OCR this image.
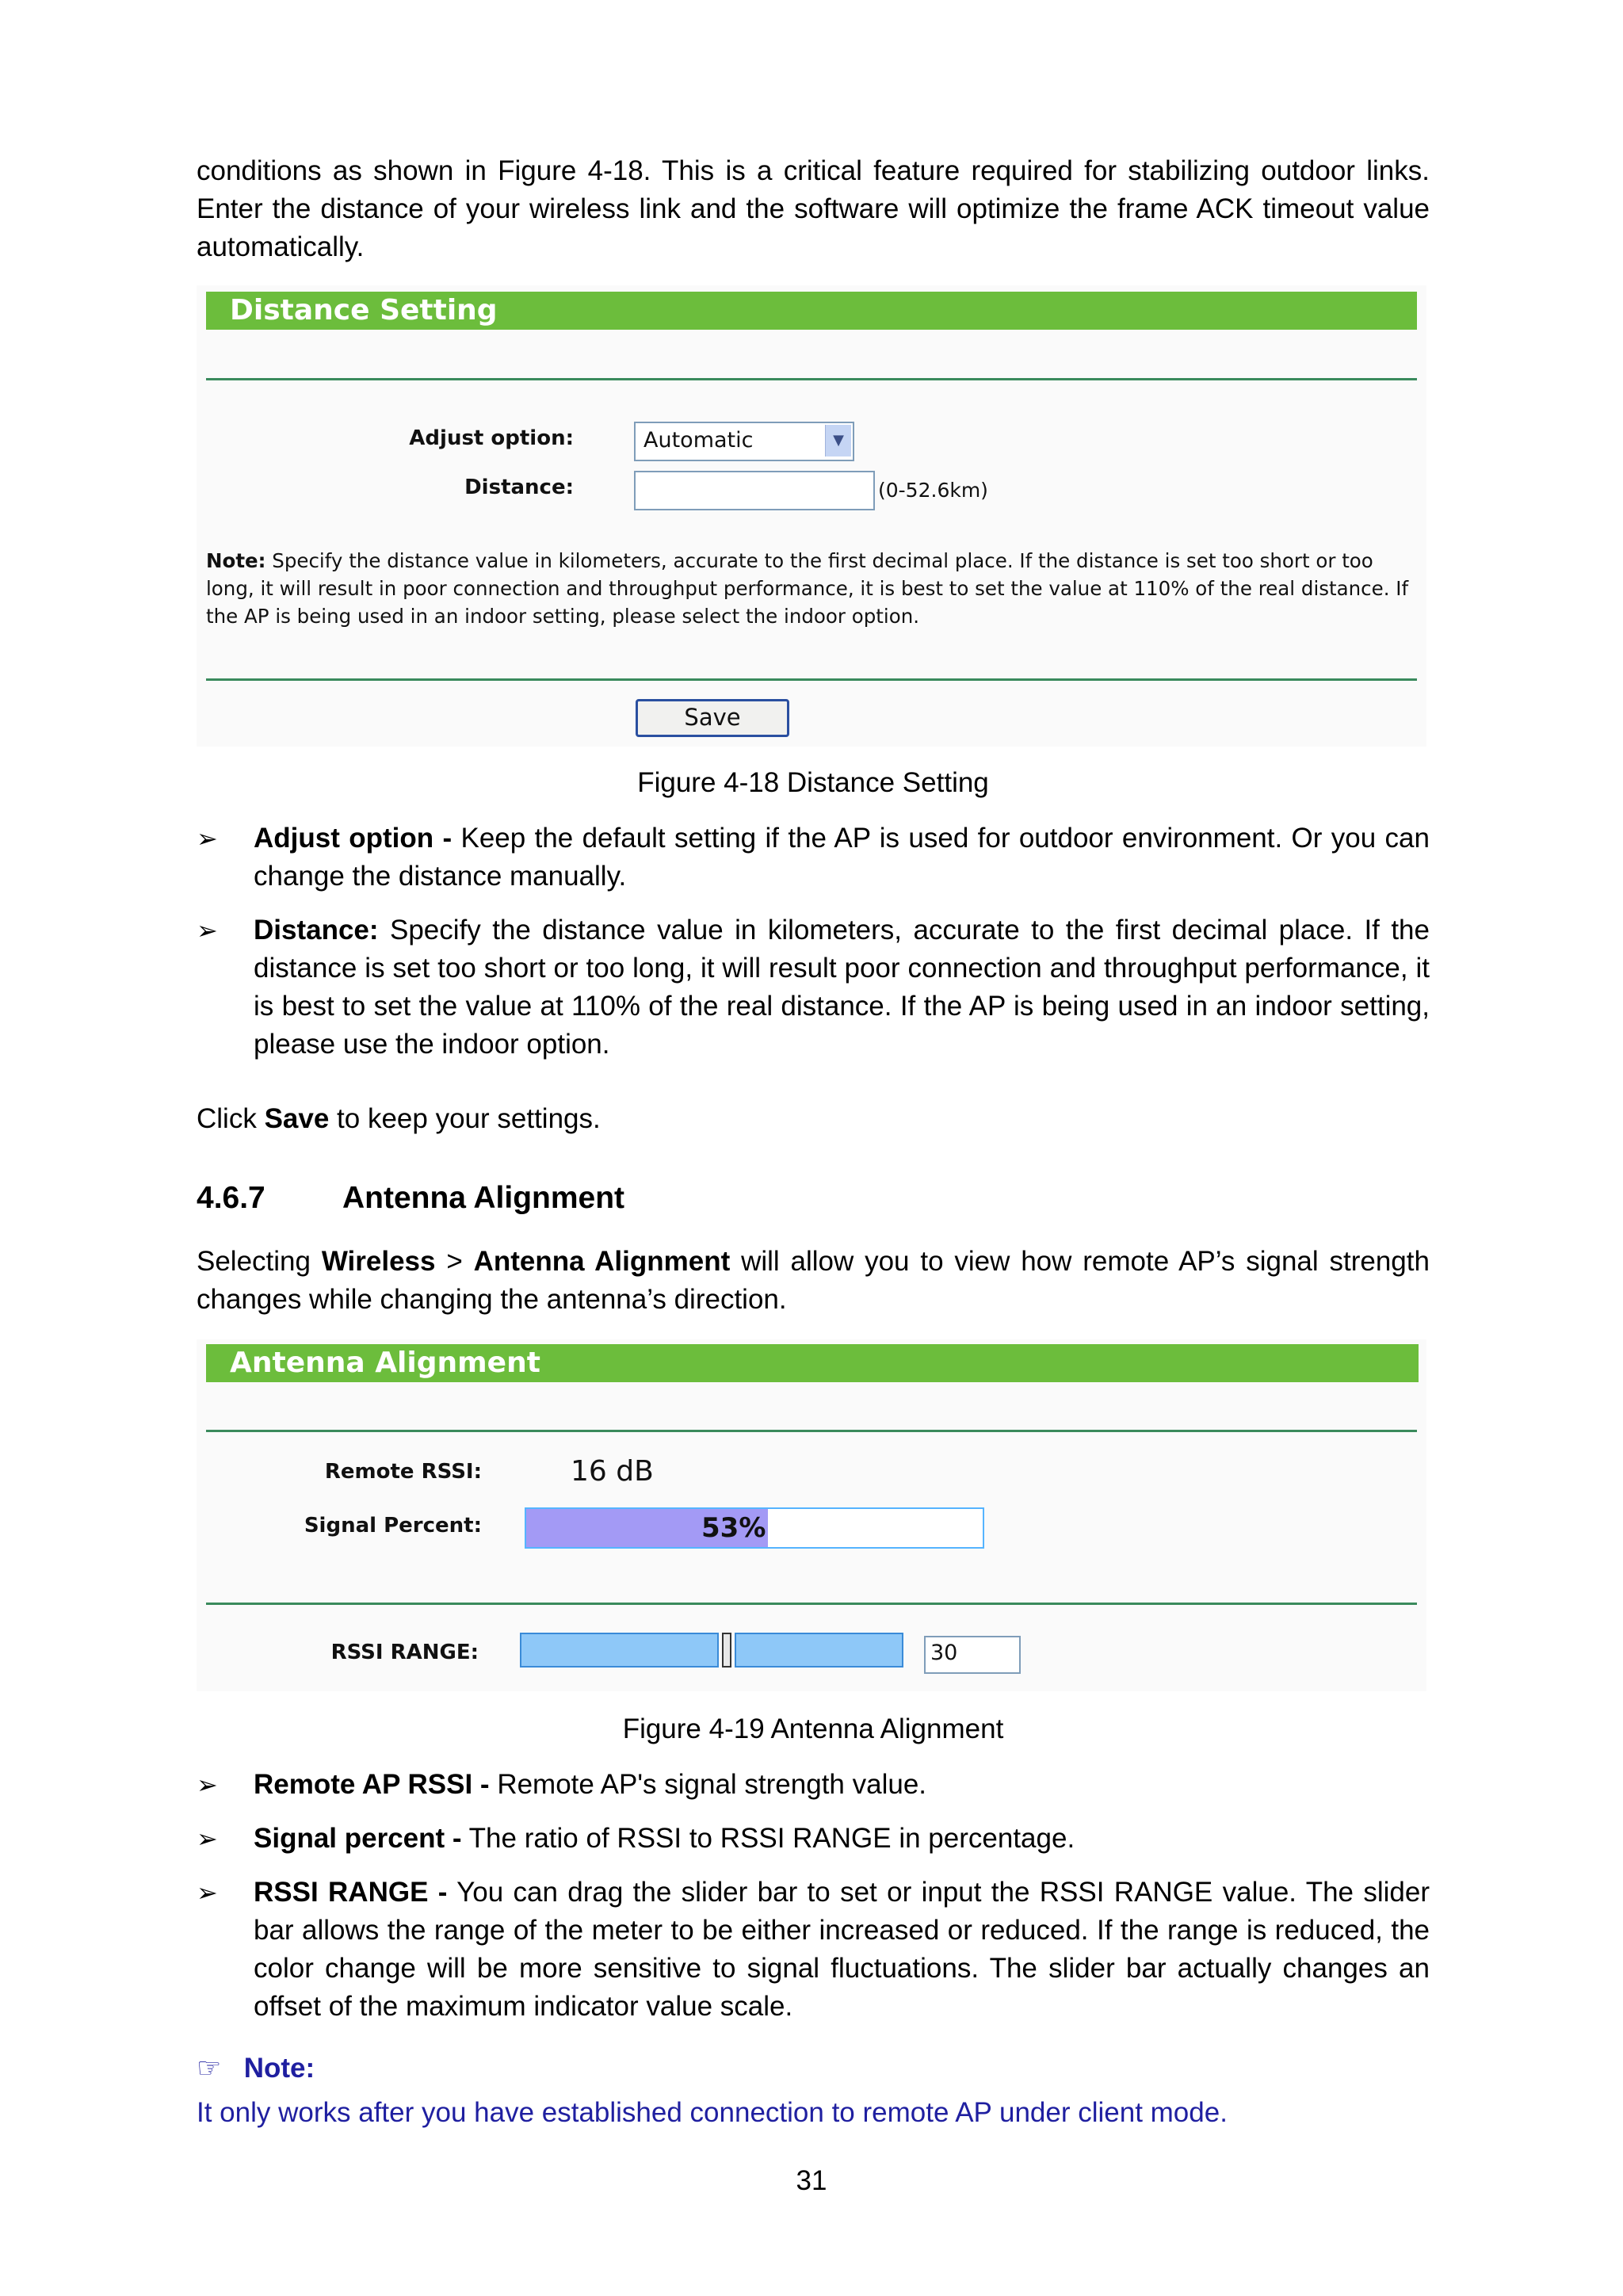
conditions as shown in Figure 4-18. This is a critical feature required for stabilizing outdoor links. Enter the distance of your wireless link and the software will optimize the frame ACK timeout value automatically.
Distance Setting
Adjust option:	Automatic	▼
Distance:	(0-52.6km)
Note: Specify the distance value in kilometers, accurate to the first decimal place. If the distance is set too short or too long, it will result in poor connection and throughput performance, it is best to set the value at 110% of the real distance. If the AP is being used in an indoor setting, please select the indoor option.
Save
Figure 4-18 Distance Setting
➢ Adjust option - Keep the default setting if the AP is used for outdoor environment. Or you can change the distance manually.
➢ Distance: Specify the distance value in kilometers, accurate to the first decimal place. If the distance is set too short or too long, it will result poor connection and throughput performance, it is best to set the value at 110% of the real distance. If the AP is being used in an indoor setting, please use the indoor option.
Click Save to keep your settings.
4.6.7 Antenna Alignment
Selecting Wireless > Antenna Alignment will allow you to view how remote AP’s signal strength changes while changing the antenna’s direction.
Antenna Alignment
Remote RSSI:	16 dB
Signal Percent:	53%
RSSI RANGE:	30
Figure 4-19 Antenna Alignment
➢ Remote AP RSSI - Remote AP's signal strength value.
➢ Signal percent - The ratio of RSSI to RSSI RANGE in percentage.
➢ RSSI RANGE - You can drag the slider bar to set or input the RSSI RANGE value. The slider bar allows the range of the meter to be either increased or reduced. If the range is reduced, the color change will be more sensitive to signal fluctuations. The slider bar actually changes an offset of the maximum indicator value scale.
☞ Note:
It only works after you have established connection to remote AP under client mode.
31
